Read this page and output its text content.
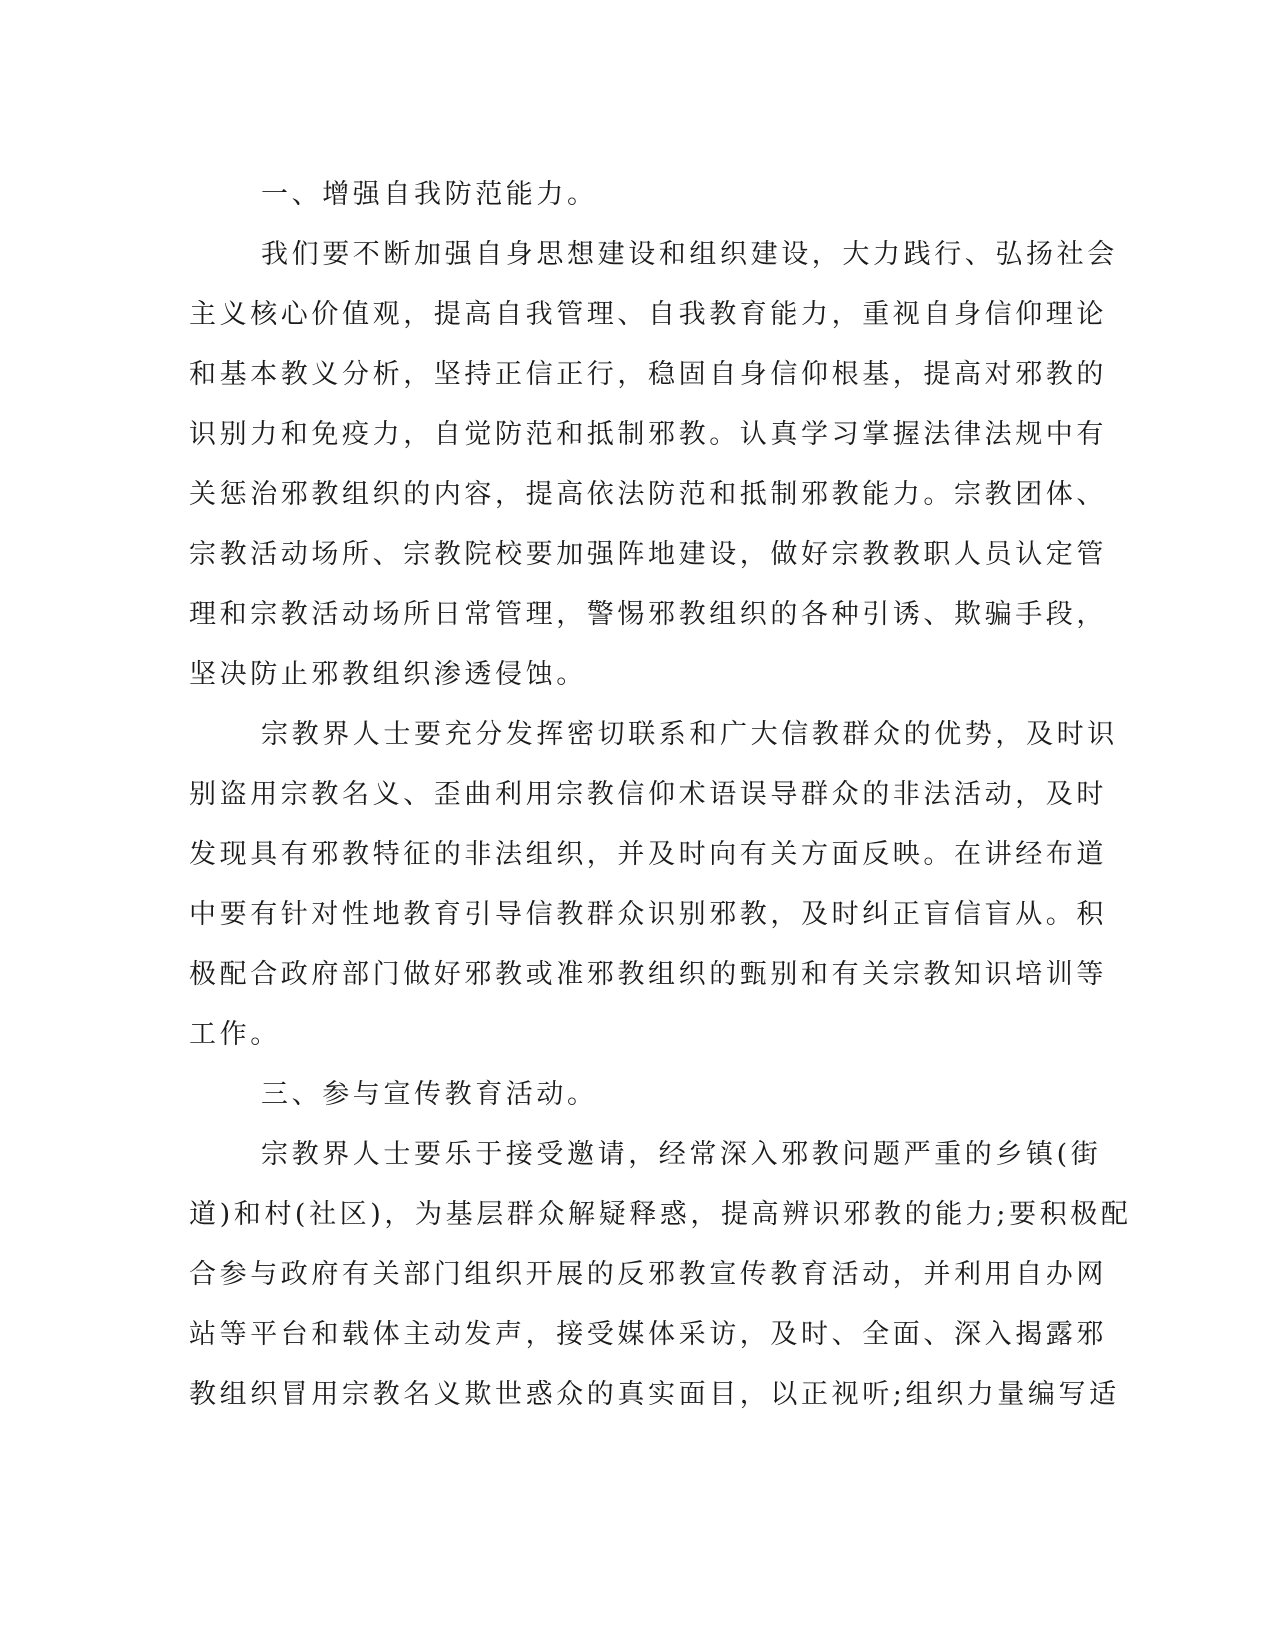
一、增强自我防范能力。

我们要不断加强自身思想建设和组织建设，大力践行、弘扬社会

主义核心价值观，提高自我管理、自我教育能力，重视自身信仰理论

和基本教义分析，坚持正信正行，稳固自身信仰根基，提高对邪教的

识别力和免疫力，自觉防范和抵制邪教。认真学习掌握法律法规中有

关惩治邪教组织的内容，提高依法防范和抵制邪教能力。宗教团体、

宗教活动场所、宗教院校要加强阵地建设，做好宗教教职人员认定管

理和宗教活动场所日常管理，警惕邪教组织的各种引诱、欺骗手段，

坚决防止邪教组织渗透侵蚀。

宗教界人士要充分发挥密切联系和广大信教群众的优势，及时识

别盗用宗教名义、歪曲利用宗教信仰术语误导群众的非法活动，及时

发现具有邪教特征的非法组织，并及时向有关方面反映。在讲经布道

中要有针对性地教育引导信教群众识别邪教，及时纠正盲信盲从。积

极配合政府部门做好邪教或准邪教组织的甄别和有关宗教知识培训等

工作。

三、参与宣传教育活动。

宗教界人士要乐于接受邀请，经常深入邪教问题严重的乡镇(街

道)和村(社区)，为基层群众解疑释惑，提高辨识邪教的能力;要积极配

合参与政府有关部门组织开展的反邪教宣传教育活动，并利用自办网

站等平台和载体主动发声，接受媒体采访，及时、全面、深入揭露邪

教组织冒用宗教名义欺世惑众的真实面目，以正视听;组织力量编写适
